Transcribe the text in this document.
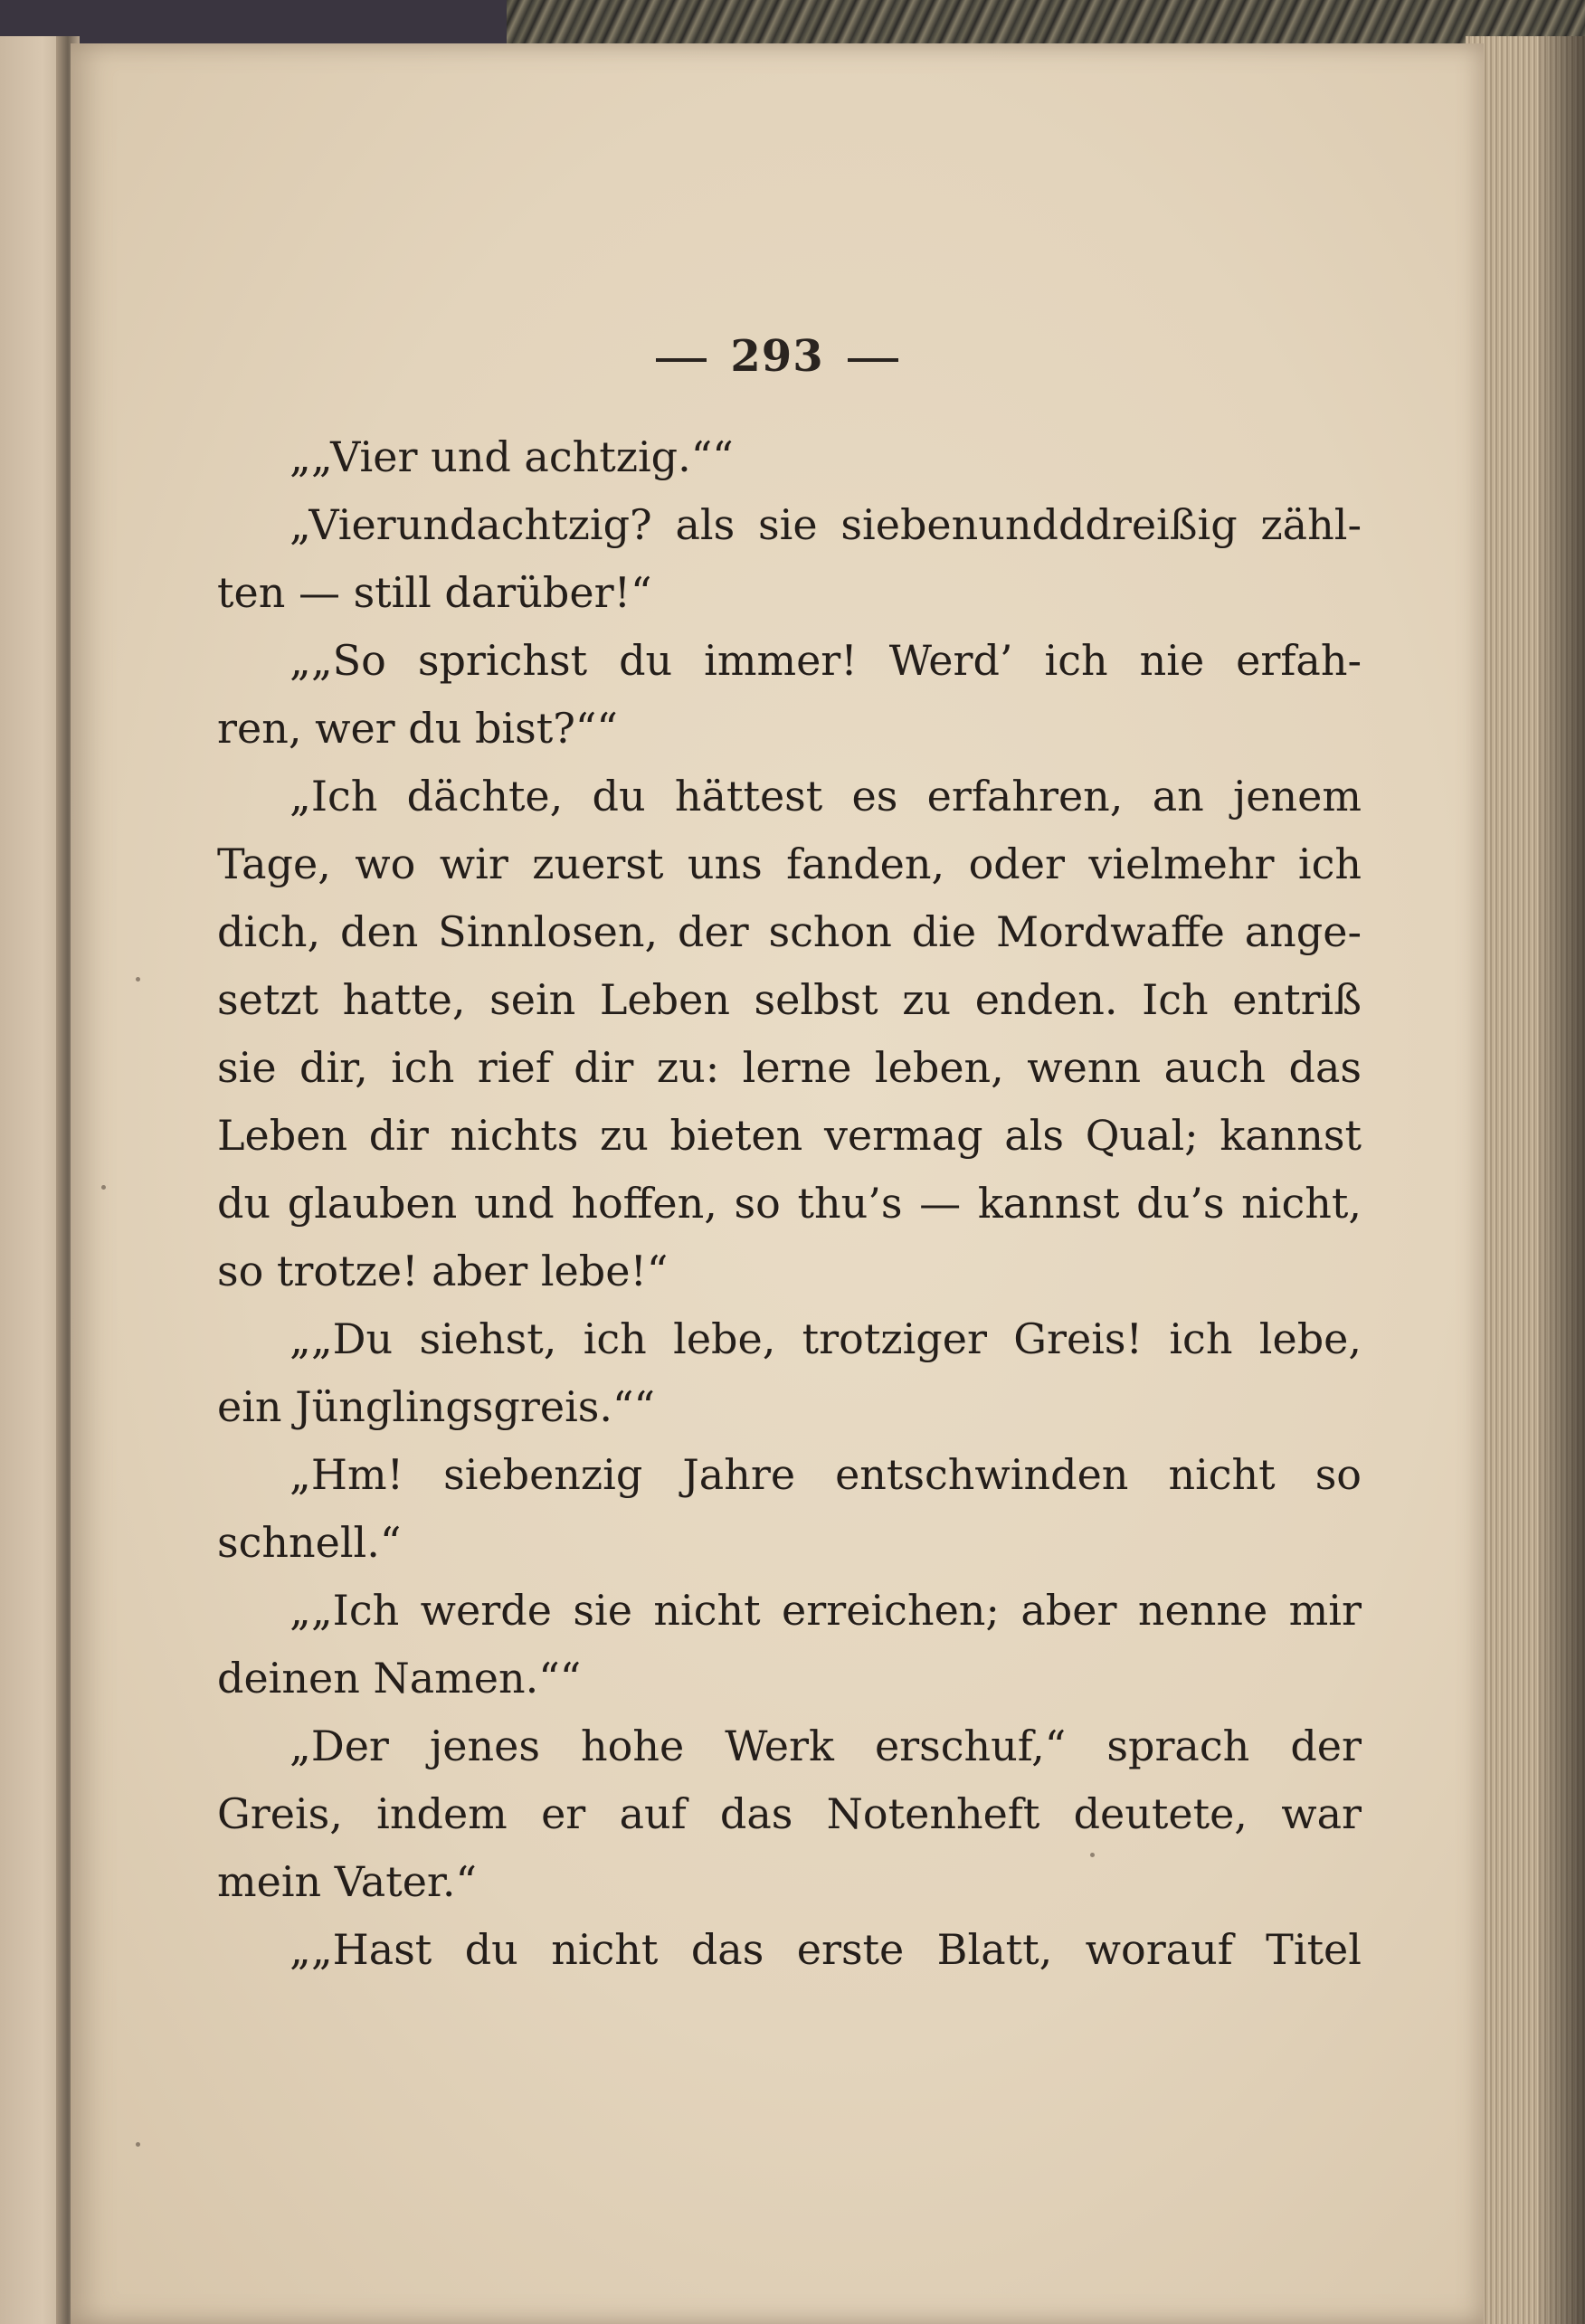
293
„„Vier und achtzig.““
„Vierundachtzig? als sie siebenundddreißig zähl-
ten — still darüber!“
„„So sprichst du immer! Werd’ ich nie erfah-
ren, wer du bist?““
„Ich dächte, du hättest es erfahren, an jenem
Tage, wo wir zuerst uns fanden, oder vielmehr ich
dich, den Sinnlosen, der schon die Mordwaffe ange-
setzt hatte, sein Leben selbst zu enden. Ich entriß
sie dir, ich rief dir zu: lerne leben, wenn auch das
Leben dir nichts zu bieten vermag als Qual; kannst
du glauben und hoffen, so thu’s — kannst du’s nicht,
so trotze! aber lebe!“
„„Du siehst, ich lebe, trotziger Greis! ich lebe,
ein Jünglingsgreis.““
„Hm! siebenzig Jahre entschwinden nicht so
schnell.“
„„Ich werde sie nicht erreichen; aber nenne mir
deinen Namen.““
„Der jenes hohe Werk erschuf,“ sprach der
Greis, indem er auf das Notenheft deutete, war
mein Vater.“
„„Hast du nicht das erste Blatt, worauf Titel
